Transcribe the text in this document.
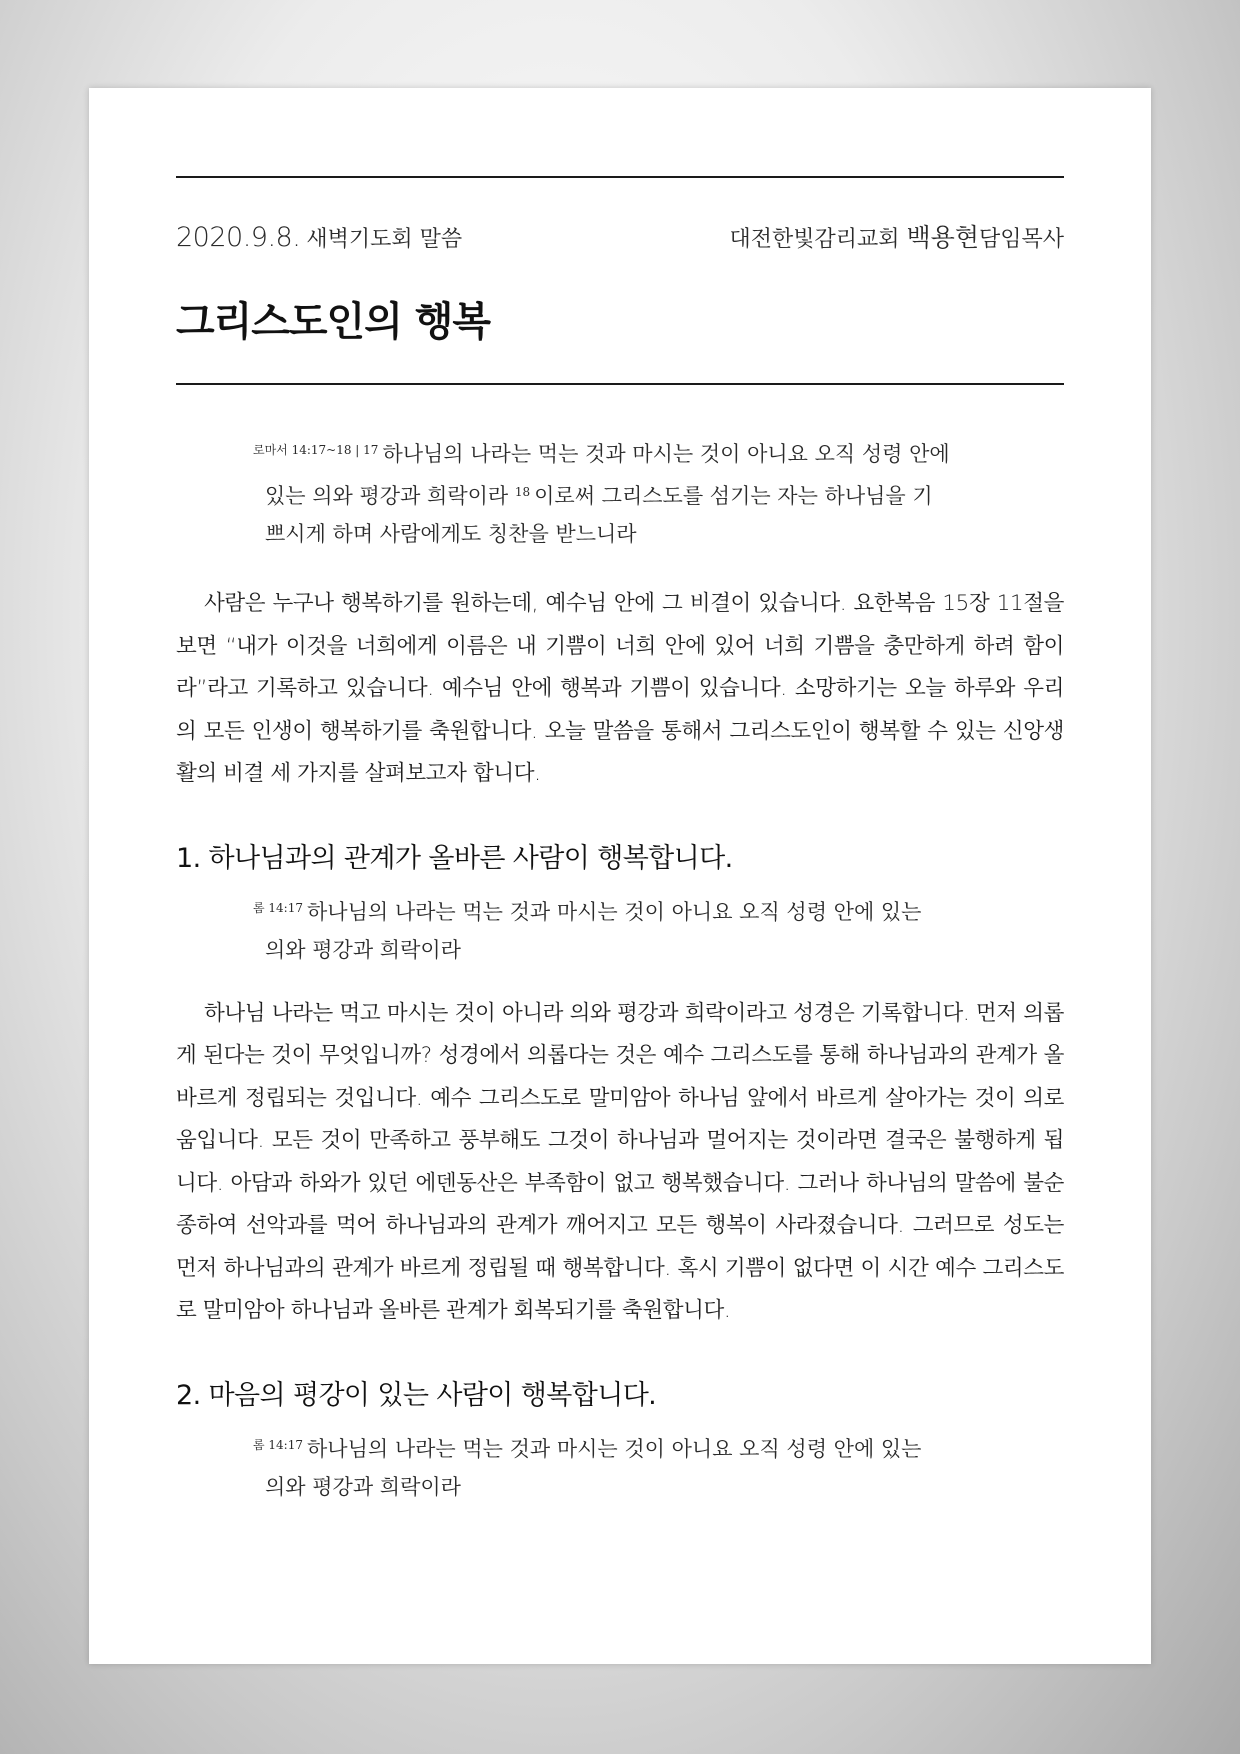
2020.9.8. 새벽기도회 말씀	대전한빛감리교회 백용현담임목사
그리스도인의 행복
$^{로마서 14:17\sim 18 | 17}$ 하나님의 나라는 먹는 것과 마시는 것이 아니요 오직 성령 안에
있는 의와 평강과 희락이라 $^{18}$ 이로써 그리스도를 섬기는 자는 하나님을 기
쁘시게 하며 사람에게도 칭찬을 받느니라

사람은 누구나 행복하기를 원하는데, 예수님 안에 그 비결이 있습니다. 요한복음 15장 11절을 보면 “내가 이것을 너희에게 이름은 내 기쁨이 너희 안에 있어 너희 기쁨을 충만하게 하려 함이라”라고 기록하고 있습니다. 예수님 안에 행복과 기쁨이 있습니다. 소망하기는 오늘 하루와 우리의 모든 인생이 행복하기를 축원합니다. 오늘 말씀을 통해서 그리스도인이 행복할 수 있는 신앙생활의 비결 세 가지를 살펴보고자 합니다.

1. 하나님과의 관계가 올바른 사람이 행복합니다.
$^{롬 14:17}$ 하나님의 나라는 먹는 것과 마시는 것이 아니요 오직 성령 안에 있는
의와 평강과 희락이라

하나님 나라는 먹고 마시는 것이 아니라 의와 평강과 희락이라고 성경은 기록합니다. 먼저 의롭게 된다는 것이 무엇입니까? 성경에서 의롭다는 것은 예수 그리스도를 통해 하나님과의 관계가 올바르게 정립되는 것입니다. 예수 그리스도로 말미암아 하나님 앞에서 바르게 살아가는 것이 의로움입니다. 모든 것이 만족하고 풍부해도 그것이 하나님과 멀어지는 것이라면 결국은 불행하게 됩니다. 아담과 하와가 있던 에덴동산은 부족함이 없고 행복했습니다. 그러나 하나님의 말씀에 불순종하여 선악과를 먹어 하나님과의 관계가 깨어지고 모든 행복이 사라졌습니다. 그러므로 성도는 먼저 하나님과의 관계가 바르게 정립될 때 행복합니다. 혹시 기쁨이 없다면 이 시간 예수 그리스도로 말미암아 하나님과 올바른 관계가 회복되기를 축원합니다.

2. 마음의 평강이 있는 사람이 행복합니다.
$^{롬 14:17}$ 하나님의 나라는 먹는 것과 마시는 것이 아니요 오직 성령 안에 있는
의와 평강과 희락이라
